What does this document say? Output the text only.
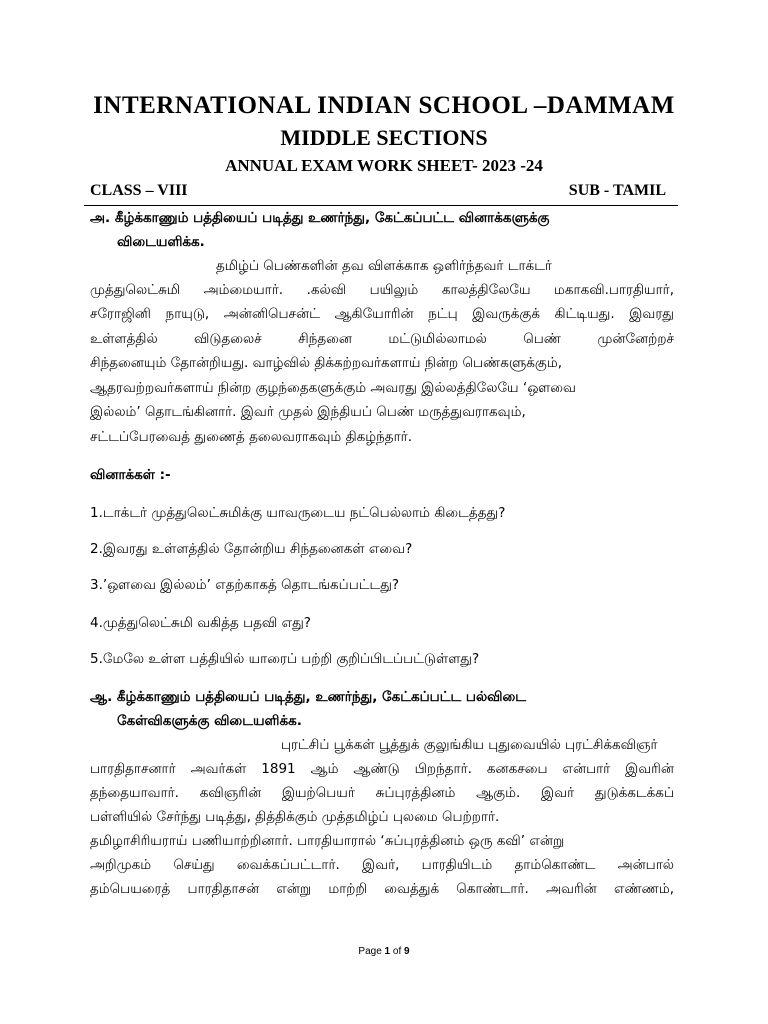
INTERNATIONAL INDIAN SCHOOL –DAMMAM
MIDDLE SECTIONS
ANNUAL EXAM WORK SHEET- 2023 -24
CLASS – VIII	SUB - TAMIL
அ. கீழ்க்காணும் பத்தியைப் படித்து உணர்ந்து, கேட்கப்பட்ட வினாக்களுக்கு
விடையளிக்க.
தமிழ்ப் பெண்களின் தவ விளக்காக ஒளிர்ந்தவர் டாக்டர்
முத்துலெட்சுமி அம்மையார். .கல்வி பயிலும் காலத்திலேயே மகாகவி.பாரதியார்,
சரோஜினி நாயுடு, அன்னிபெசன்ட் ஆகியோரின் நட்பு இவருக்குக் கிட்டியது. இவரது
உள்ளத்தில் விடுதலைச் சிந்தனை மட்டுமில்லாமல் பெண் முன்னேற்றச்
சிந்தனையும் தோன்றியது. வாழ்வில் திக்கற்றவர்களாய் நின்ற பெண்களுக்கும்,
ஆதரவற்றவர்களாய் நின்ற குழந்தைகளுக்கும் அவரது இல்லத்திலேயே ‘ஔவை
இல்லம்’ தொடங்கினார். இவர் முதல் இந்தியப் பெண் மருத்துவராகவும்,
சட்டப்பேரவைத் துணைத் தலைவராகவும் திகழ்ந்தார்.
வினாக்கள் :-
1.டாக்டர் முத்துலெட்சுமிக்கு யாவருடைய நட்பெல்லாம் கிடைத்தது?
2.இவரது உள்ளத்தில் தோன்றிய சிந்தனைகள் எவை?
3.’ஔவை இல்லம்’ எதற்காகத் தொடங்கப்பட்டது?
4.முத்துலெட்சுமி வகித்த பதவி எது?
5.மேலே உள்ள பத்தியில் யாரைப் பற்றி குறிப்பிடப்பட்டுள்ளது?
ஆ. கீழ்க்காணும் பத்தியைப் படித்து, உணர்ந்து, கேட்கப்பட்ட பல்விடை
கேள்விகளுக்கு விடையளிக்க.
புரட்சிப் பூக்கள் பூத்துக் குலுங்கிய புதுவையில் புரட்சிக்கவிஞர்
பாரதிதாசனார் அவர்கள் 1891 ஆம் ஆண்டு பிறந்தார். கனகசபை என்பார் இவரின்
தந்தையாவார். கவிஞரின் இயற்பெயர் சுப்புரத்தினம் ஆகும். இவர் துடுக்கடக்கப்
பள்ளியில் சேர்ந்து படித்து, தித்திக்கும் முத்தமிழ்ப் புலமை பெற்றார்.
தமிழாசிரியராய் பணியாற்றினார். பாரதியாரால் ‘சுப்புரத்தினம் ஒரு கவி’ என்று
அறிமுகம் செய்து வைக்கப்பட்டார். இவர், பாரதியிடம் தாம்கொண்ட அன்பால்
தம்பெயரைத் பாரதிதாசன் என்று மாற்றி வைத்துக் கொண்டார். அவரின் எண்ணம்,
Page 1 of 9
